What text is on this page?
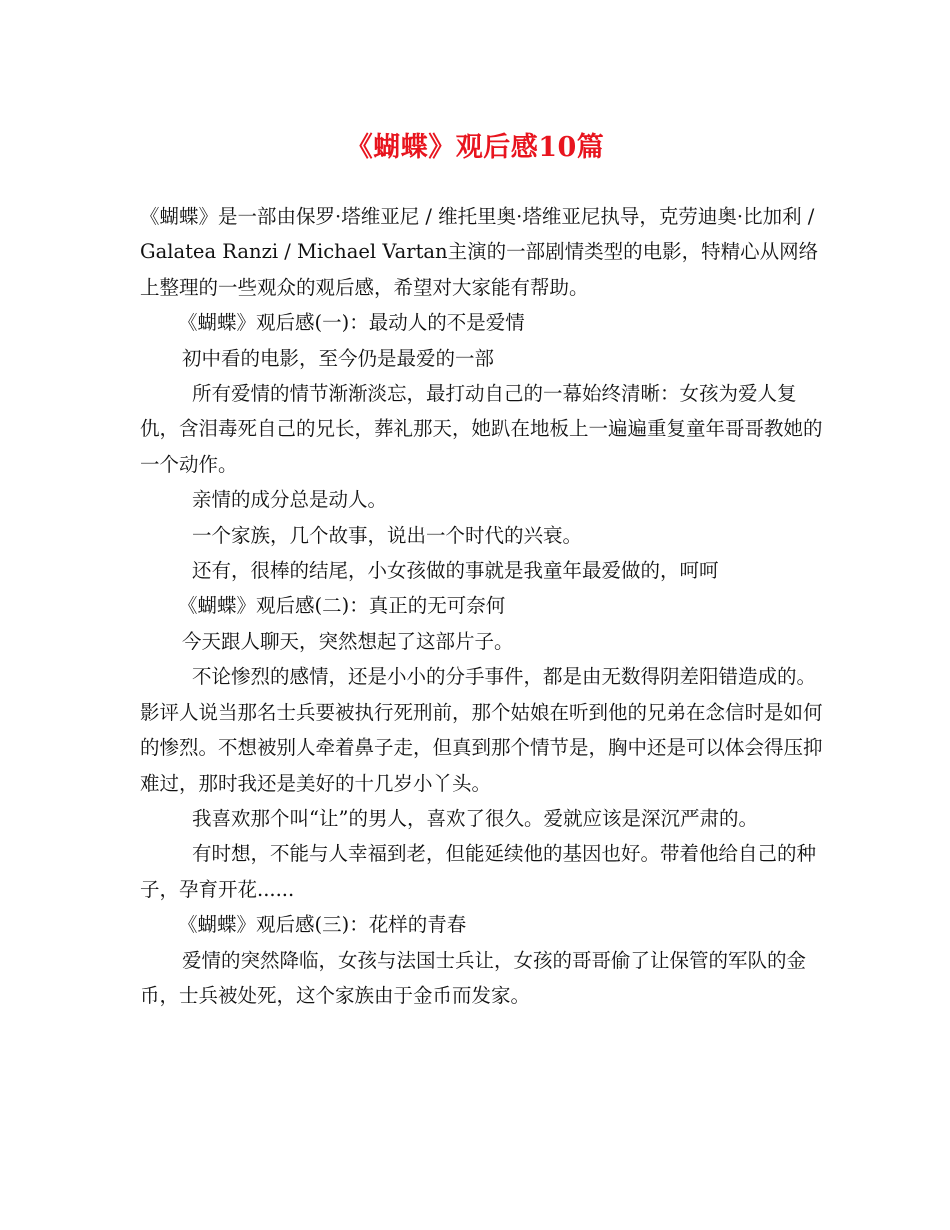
《蝴蝶》观后感10篇

《蝴蝶》是一部由保罗·塔维亚尼 / 维托里奥·塔维亚尼执导，克劳迪奥·比加利 / Galatea Ranzi / Michael Vartan主演的一部剧情类型的电影，特精心从网络上整理的一些观众的观后感，希望对大家能有帮助。

《蝴蝶》观后感(一)：最动人的不是爱情

初中看的电影，至今仍是最爱的一部

所有爱情的情节渐渐淡忘，最打动自己的一幕始终清晰：女孩为爱人复仇，含泪毒死自己的兄长，葬礼那天，她趴在地板上一遍遍重复童年哥哥教她的一个动作。

亲情的成分总是动人。

一个家族，几个故事，说出一个时代的兴衰。

还有，很棒的结尾，小女孩做的事就是我童年最爱做的，呵呵

《蝴蝶》观后感(二)：真正的无可奈何

今天跟人聊天，突然想起了这部片子。

不论惨烈的感情，还是小小的分手事件，都是由无数得阴差阳错造成的。影评人说当那名士兵要被执行死刑前，那个姑娘在听到他的兄弟在念信时是如何的惨烈。不想被别人牵着鼻子走，但真到那个情节是，胸中还是可以体会得压抑难过，那时我还是美好的十几岁小丫头。

我喜欢那个叫“让”的男人，喜欢了很久。爱就应该是深沉严肃的。

有时想，不能与人幸福到老，但能延续他的基因也好。带着他给自己的种子，孕育开花......

《蝴蝶》观后感(三)：花样的青春

爱情的突然降临，女孩与法国士兵让，女孩的哥哥偷了让保管的军队的金币，士兵被处死，这个家族由于金币而发家。
